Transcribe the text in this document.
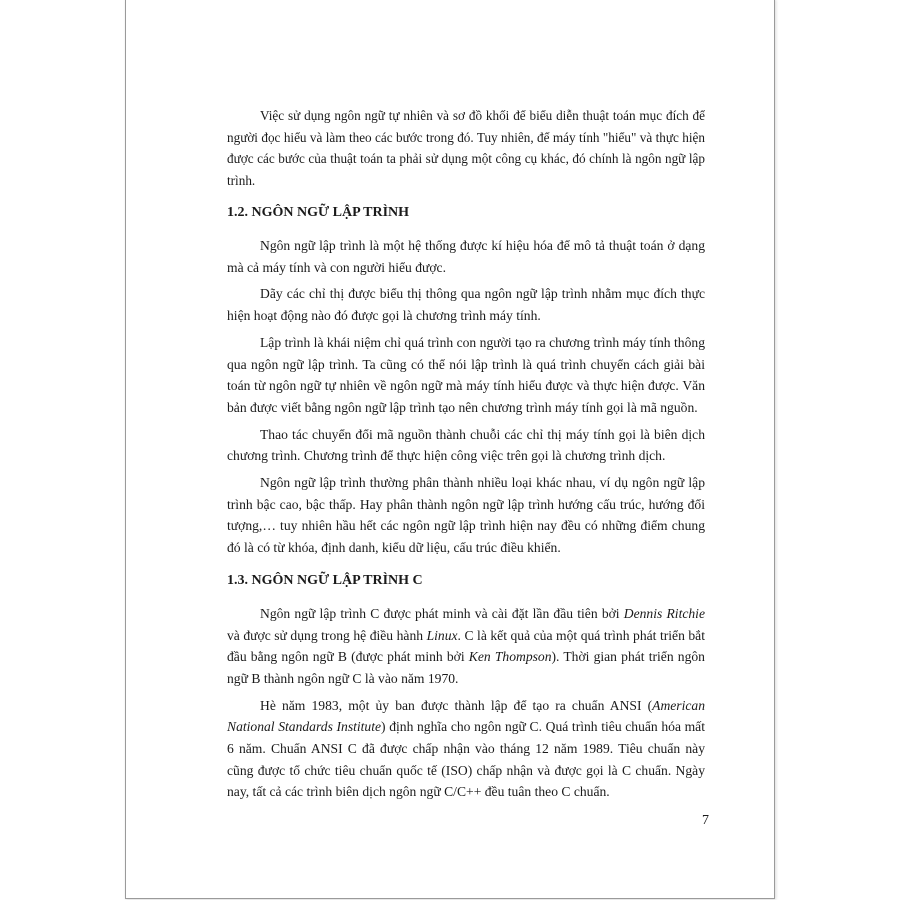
Việc sử dụng ngôn ngữ tự nhiên và sơ đồ khối để biểu diễn thuật toán mục đích để người đọc hiểu và làm theo các bước trong đó. Tuy nhiên, để máy tính "hiểu" và thực hiện được các bước của thuật toán ta phải sử dụng một công cụ khác, đó chính là ngôn ngữ lập trình.

1.2. NGÔN NGỮ LẬP TRÌNH

Ngôn ngữ lập trình là một hệ thống được kí hiệu hóa để mô tả thuật toán ở dạng mà cả máy tính và con người hiểu được.

Dãy các chỉ thị được biểu thị thông qua ngôn ngữ lập trình nhằm mục đích thực hiện hoạt động nào đó được gọi là chương trình máy tính.

Lập trình là khái niệm chỉ quá trình con người tạo ra chương trình máy tính thông qua ngôn ngữ lập trình. Ta cũng có thể nói lập trình là quá trình chuyển cách giải bài toán từ ngôn ngữ tự nhiên về ngôn ngữ mà máy tính hiểu được và thực hiện được. Văn bản được viết bằng ngôn ngữ lập trình tạo nên chương trình máy tính gọi là mã nguồn.

Thao tác chuyển đổi mã nguồn thành chuỗi các chỉ thị máy tính gọi là biên dịch chương trình. Chương trình để thực hiện công việc trên gọi là chương trình dịch.

Ngôn ngữ lập trình thường phân thành nhiều loại khác nhau, ví dụ ngôn ngữ lập trình bậc cao, bậc thấp. Hay phân thành ngôn ngữ lập trình hướng cấu trúc, hướng đối tượng,… tuy nhiên hầu hết các ngôn ngữ lập trình hiện nay đều có những điểm chung đó là có từ khóa, định danh, kiểu dữ liệu, cấu trúc điều khiển.

1.3. NGÔN NGỮ LẬP TRÌNH C

Ngôn ngữ lập trình C được phát minh và cài đặt lần đầu tiên bởi Dennis Ritchie và được sử dụng trong hệ điều hành Linux. C là kết quả của một quá trình phát triển bắt đầu bằng ngôn ngữ B (được phát minh bởi Ken Thompson). Thời gian phát triển ngôn ngữ B thành ngôn ngữ C là vào năm 1970.

Hè năm 1983, một ủy ban được thành lập để tạo ra chuẩn ANSI (American National Standards Institute) định nghĩa cho ngôn ngữ C. Quá trình tiêu chuẩn hóa mất 6 năm. Chuẩn ANSI C đã được chấp nhận vào tháng 12 năm 1989. Tiêu chuẩn này cũng được tổ chức tiêu chuẩn quốc tế (ISO) chấp nhận và được gọi là C chuẩn. Ngày nay, tất cả các trình biên dịch ngôn ngữ C/C++ đều tuân theo C chuẩn.

7
